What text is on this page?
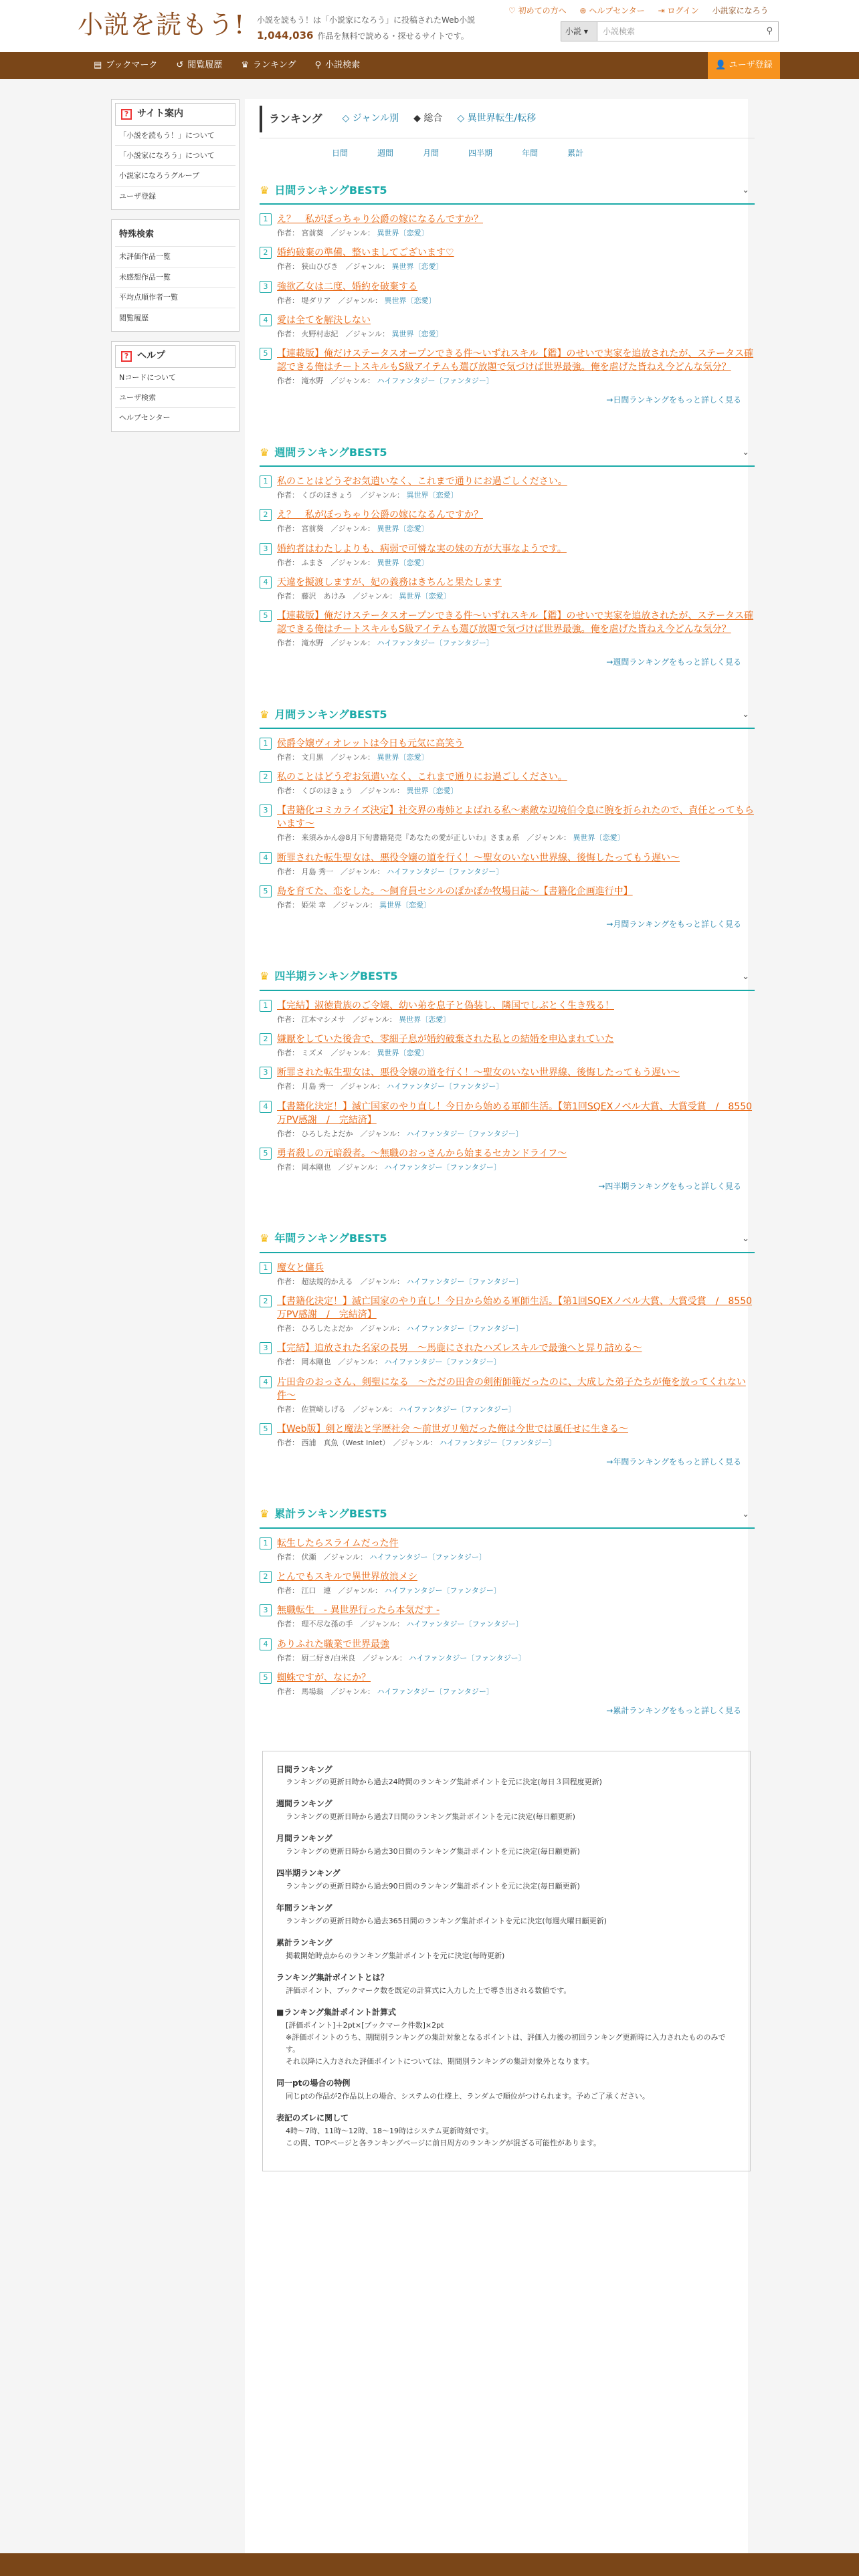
小説を読もう! 小説を読もう！は「小説家になろう」に投稿されたWeb小説
1,044,036 作品を無料で読める・探せるサイトです。
♡ 初めての方へ ⊕ ヘルプセンター ⇥ ログイン 小説家になろう
小説 ▾	小説検索	⚲
▤ ブックマーク	↺ 閲覧履歴	♛ ランキング	⚲ 小説検索	👤 ユーザ登録
? サイト案内
「小説を読もう！」について
「小説家になろう」について
小説家になろうグループ
ユーザ登録
特殊検索
未評価作品一覧
未感想作品一覧
平均点順作者一覧
閲覧履歴
? ヘルプ
Nコードについて
ユーザ検索
ヘルプセンター
ランキング ◇ ジャンル別 ◆ 総合 ◇ 異世界転生/転移
日間	週間	月間	四半期	年間	累計
♛ 日間ランキングBEST5	⌄
1 え？　私がぼっちゃり公爵の嫁になるんですか？
作者： 宮前葵　／ジャンル： 異世界〔恋愛〕
2 婚約破棄の準備、整いましてございます♡
作者： 狭山ひびき　／ジャンル： 異世界〔恋愛〕
3 強欲乙女は二度、婚約を破棄する
作者： 堤ダリア　／ジャンル： 異世界〔恋愛〕
4 愛は全てを解決しない
作者： 火野村志紀　／ジャンル： 異世界〔恋愛〕
5 【連載版】俺だけステータスオープンできる件〜いずれスキル【鑑】のせいで実家を追放されたが、ステータス確認できる俺はチートスキルもS級アイテムも選び放題で気づけば世界最強。俺を虐げた皆ねえ今どんな気分？
作者： 滝水野　／ジャンル： ハイファンタジー〔ファンタジー〕
→日間ランキングをもっと詳しく見る
♛ 週間ランキングBEST5	⌄
1 私のことはどうぞお気遣いなく、これまで通りにお過ごしください。
作者： くびのほきょう　／ジャンル： 異世界〔恋愛〕
2 え？　私がぼっちゃり公爵の嫁になるんですか？
作者： 宮前葵　／ジャンル： 異世界〔恋愛〕
3 婚約者はわたしよりも、病弱で可憐な実の妹の方が大事なようです。
作者： ふまさ　／ジャンル： 異世界〔恋愛〕
4 天違を擬渡しますが、妃の義務はきちんと果たします
作者： 藤沢　あけみ　／ジャンル： 異世界〔恋愛〕
5 【連載版】俺だけステータスオープンできる件〜いずれスキル【鑑】のせいで実家を追放されたが、ステータス確認できる俺はチートスキルもS級アイテムも選び放題で気づけば世界最強。俺を虐げた皆ねえ今どんな気分？
作者： 滝水野　／ジャンル： ハイファンタジー〔ファンタジー〕
→週間ランキングをもっと詳しく見る
♛ 月間ランキングBEST5	⌄
1 侯爵令嬢ヴィオレットは今日も元気に高笑う
作者： 文月黒　／ジャンル： 異世界〔恋愛〕
2 私のことはどうぞお気遣いなく、これまで通りにお過ごしください。
作者： くびのほきょう　／ジャンル： 異世界〔恋愛〕
3 【書籍化コミカライズ決定】社交界の毒姉とよばれる私〜素敵な辺境伯令息に腕を折られたので、責任とってもらいます〜
作者： 来須みかん@8月下旬書籍発売『あなたの愛が正しいわ』さまぁ系　／ジャンル： 異世界〔恋愛〕
4 断罪された転生聖女は、悪役令嬢の道を行く！〜聖女のいない世界線、後悔したってもう遅い〜
作者： 月島 秀一　／ジャンル： ハイファンタジー〔ファンタジー〕
5 島を育てた、恋をした。〜飼育員セシルのぽかぽか牧場日誌〜【書籍化企画進行中】
作者： 姫栄 幸　／ジャンル： 異世界〔恋愛〕
→月間ランキングをもっと詳しく見る
♛ 四半期ランキングBEST5	⌄
1 【完結】淑徳貴族のご令嬢、幼い弟を息子と偽装し、隣国でしぶとく生き残る！
作者： 江本マシメサ　／ジャンル： 異世界〔恋愛〕
2 嫌厭をしていた後舎で、零細子息が婚約破棄された私との結婚を申込まれていた
作者： ミズメ　／ジャンル： 異世界〔恋愛〕
3 断罪された転生聖女は、悪役令嬢の道を行く！〜聖女のいない世界線、後悔したってもう遅い〜
作者： 月島 秀一　／ジャンル： ハイファンタジー〔ファンタジー〕
4 【書籍化決定！】滅亡国家のやり直し！今日から始める軍師生活。【第1回SQEXノベル大賞、大賞受賞　/　8550万PV感謝　/　完結済】
作者： ひろしたよだか　／ジャンル： ハイファンタジー〔ファンタジー〕
5 勇者殺しの元暗殺者。〜無職のおっさんから始まるセカンドライフ〜
作者： 岡本剛也　／ジャンル： ハイファンタジー〔ファンタジー〕
→四半期ランキングをもっと詳しく見る
♛ 年間ランキングBEST5	⌄
1 魔女と傭兵
作者： 超法規的かえる　／ジャンル： ハイファンタジー〔ファンタジー〕
2 【書籍化決定！】滅亡国家のやり直し！今日から始める軍師生活。【第1回SQEXノベル大賞、大賞受賞　/　8550万PV感謝　/　完結済】
作者： ひろしたよだか　／ジャンル： ハイファンタジー〔ファンタジー〕
3 【完結】追放された名家の長男　〜馬鹿にされたハズレスキルで最強へと昇り詰める〜
作者： 岡本剛也　／ジャンル： ハイファンタジー〔ファンタジー〕
4 片田舎のおっさん、剣聖になる　〜ただの田舎の剣術師範だったのに、大成した弟子たちが俺を放ってくれない件〜
作者： 佐賀崎しげる　／ジャンル： ハイファンタジー〔ファンタジー〕
5 【Web版】剣と魔法と学歴社会 〜前世ガリ勉だった俺は今世では風任せに生きる〜
作者： 西浦　真魚（West Inlet）　／ジャンル： ハイファンタジー〔ファンタジー〕
→年間ランキングをもっと詳しく見る
♛ 累計ランキングBEST5	⌄
1 転生したらスライムだった件
作者： 伏瀬　／ジャンル： ハイファンタジー〔ファンタジー〕
2 とんでもスキルで異世界放浪メシ
作者： 江口　連　／ジャンル： ハイファンタジー〔ファンタジー〕
3 無職転生　- 異世界行ったら本気だす -
作者： 理不尽な孫の手　／ジャンル： ハイファンタジー〔ファンタジー〕
4 ありふれた職業で世界最強
作者： 厨二好き/白米良　／ジャンル： ハイファンタジー〔ファンタジー〕
5 蜘蛛ですが、なにか？
作者： 馬場翁　／ジャンル： ハイファンタジー〔ファンタジー〕
→累計ランキングをもっと詳しく見る
日間ランキング
ランキングの更新日時から過去24時間のランキング集計ポイントを元に決定(毎日３回程度更新)
週間ランキング
ランキングの更新日時から過去7日間のランキング集計ポイントを元に決定(毎日顧更新)
月間ランキング
ランキングの更新日時から過去30日間のランキング集計ポイントを元に決定(毎日顧更新)
四半期ランキング
ランキングの更新日時から過去90日間のランキング集計ポイントを元に決定(毎日顧更新)
年間ランキング
ランキングの更新日時から過去365日間のランキング集計ポイントを元に決定(毎週火曜日顧更新)
累計ランキング
掲載開始時点からのランキング集計ポイントを元に決定(毎時更新)
ランキング集計ポイントとは？
評価ポイント、ブックマーク数を既定の計算式に入力した上で導き出される数値です。
■ランキング集計ポイント計算式
[評価ポイント]＋2pt×[ブックマーク件数]×2pt
※評価ポイントのうち、期間別ランキングの集計対象となるポイントは、評価入力後の初回ランキング更新時に入力されたもののみです。
それ以降に入力された評価ポイントについては、期間別ランキングの集計対象外となります。
同一ptの場合の特例
同じptの作品が2作品以上の場合、システムの仕様上、ランダムで順位がつけられます。予めご了承ください。
表記のズレに関して
4時〜7時、11時〜12時、18〜19時はシステム更新時刻です。
この間、TOPページと各ランキングページに前日周方のランキングが混ざる可能性があります。
